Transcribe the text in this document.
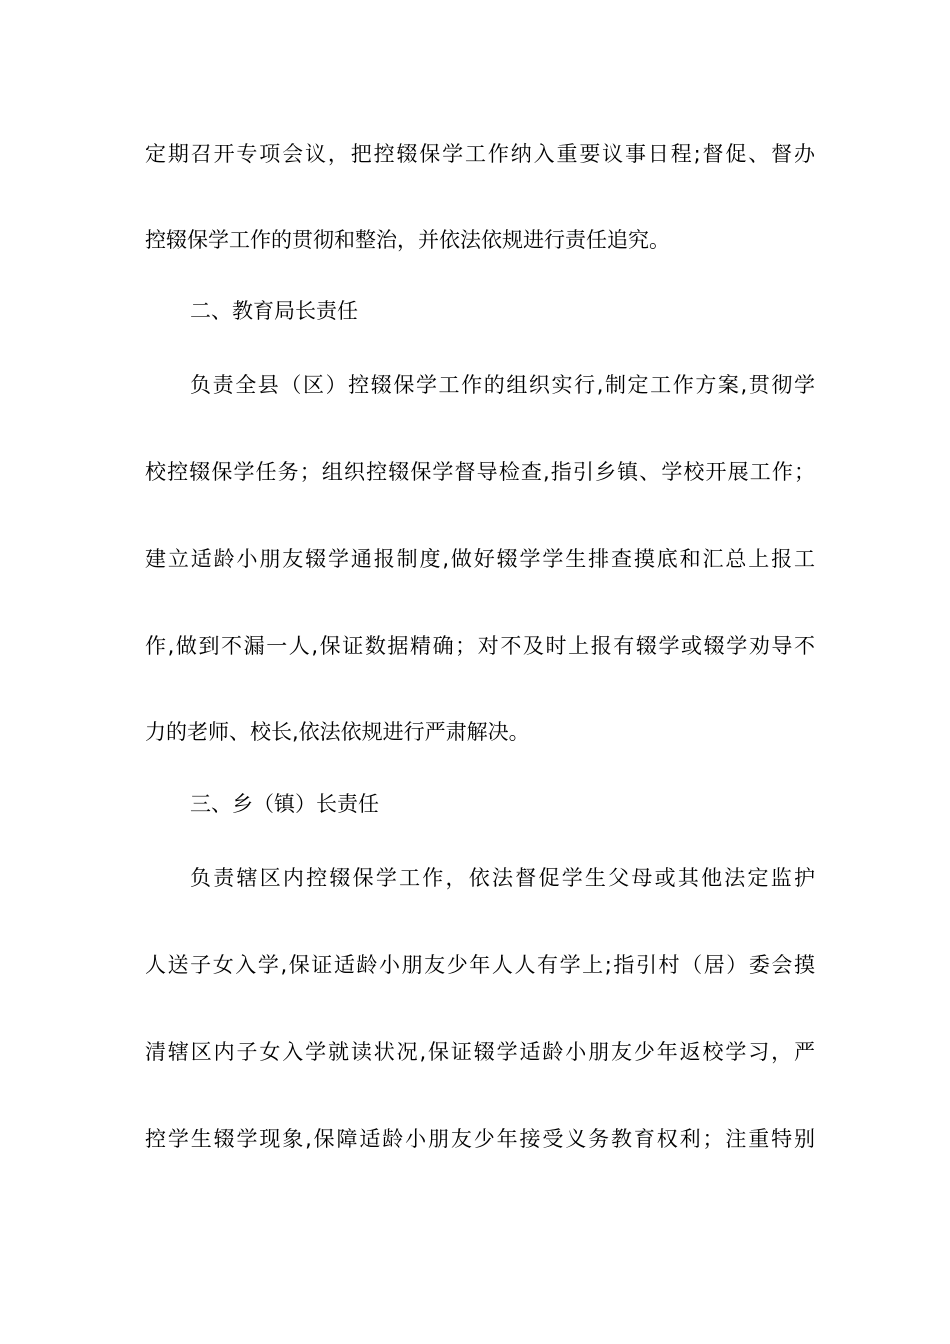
定期召开专项会议，把控辍保学工作纳入重要议事日程;督促、督办
控辍保学工作的贯彻和整治，并依法依规进行责任追究。
二、教育局长责任
负责全县（区）控辍保学工作的组织实行,制定工作方案,贯彻学
校控辍保学任务；组织控辍保学督导检查,指引乡镇、学校开展工作；
建立适龄小朋友辍学通报制度,做好辍学学生排查摸底和汇总上报工
作,做到不漏一人,保证数据精确；对不及时上报有辍学或辍学劝导不
力的老师、校长,依法依规进行严肃解决。
三、乡（镇）长责任
负责辖区内控辍保学工作，依法督促学生父母或其他法定监护
人送子女入学,保证适龄小朋友少年人人有学上;指引村（居）委会摸
清辖区内子女入学就读状况,保证辍学适龄小朋友少年返校学习，严
控学生辍学现象,保障适龄小朋友少年接受义务教育权利；注重特别
